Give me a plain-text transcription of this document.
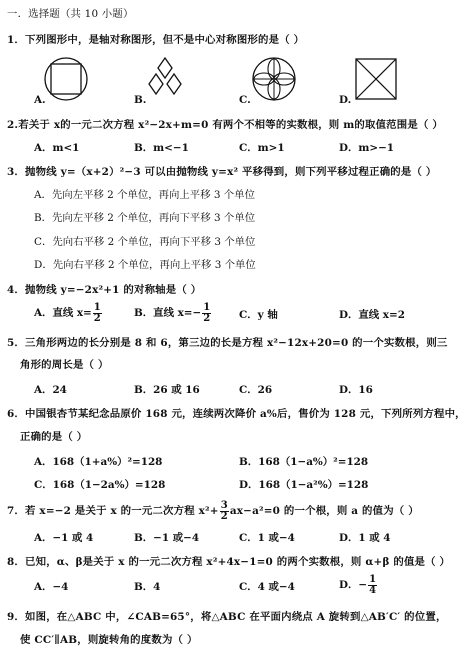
一．选择题（共 10 小题）
1．下列图形中，是轴对称图形，但不是中心对称图形的是（ ）
A.	B.	C.	D.
2.若关于 x的一元二次方程 x²−2x+m=0 有两个不相等的实数根，则 m的取值范围是（ ）
A．m<1	B．m<−1	C．m>1	D．m>−1
3．抛物线 y=（x+2）²−3 可以由抛物线 y=x² 平移得到，则下列平移过程正确的是（ ）
A．先向左平移 2 个单位，再向上平移 3 个单位
B．先向左平移 2 个单位，再向下平移 3 个单位
C．先向右平移 2 个单位，再向下平移 3 个单位
D．先向右平移 2 个单位，再向上平移 3 个单位
4．抛物线 y=−2x²+1 的对称轴是（ ）
A．直线 $x= \frac{1}{2}$	B．直线 $x=- \frac{1}{2}$	C．y 轴	D．直线 x=2
5．三角形两边的长分别是 8 和 6，第三边的长是方程 x²−12x+20=0 的一个实数根，则三
角形的周长是（ ）
A．24	B．26 或 16	C．26	D．16
6．中国银杏节某纪念品原价 168 元，连续两次降价 a%后，售价为 128 元，下列所列方程中，
正确的是（ ）
A．168（1+a%）²=128	B．168（1−a%）²=128
C．168（1−2a%）=128	D．168（1−a²%）=128
7．若 x=−2 是关于 x 的一元二次方程 $x^2+ \frac{3}{2} ax-a^2=0$ 的一个根，则 a 的值为（ ）
A．−1 或 4	B．−1 或−4	C．1 或−4	D．1 或 4
8．已知，α、β是关于 x 的一元二次方程 x²+4x−1=0 的两个实数根，则 α+β 的值是（ ）
A．−4	B．4	C．4 或−4	D．− $\frac{1}{4}$
9．如图，在△ABC 中，∠CAB=65°，将△ABC 在平面内绕点 A 旋转到△AB′C′ 的位置，
使 CC′∥AB，则旋转角的度数为（ ）
